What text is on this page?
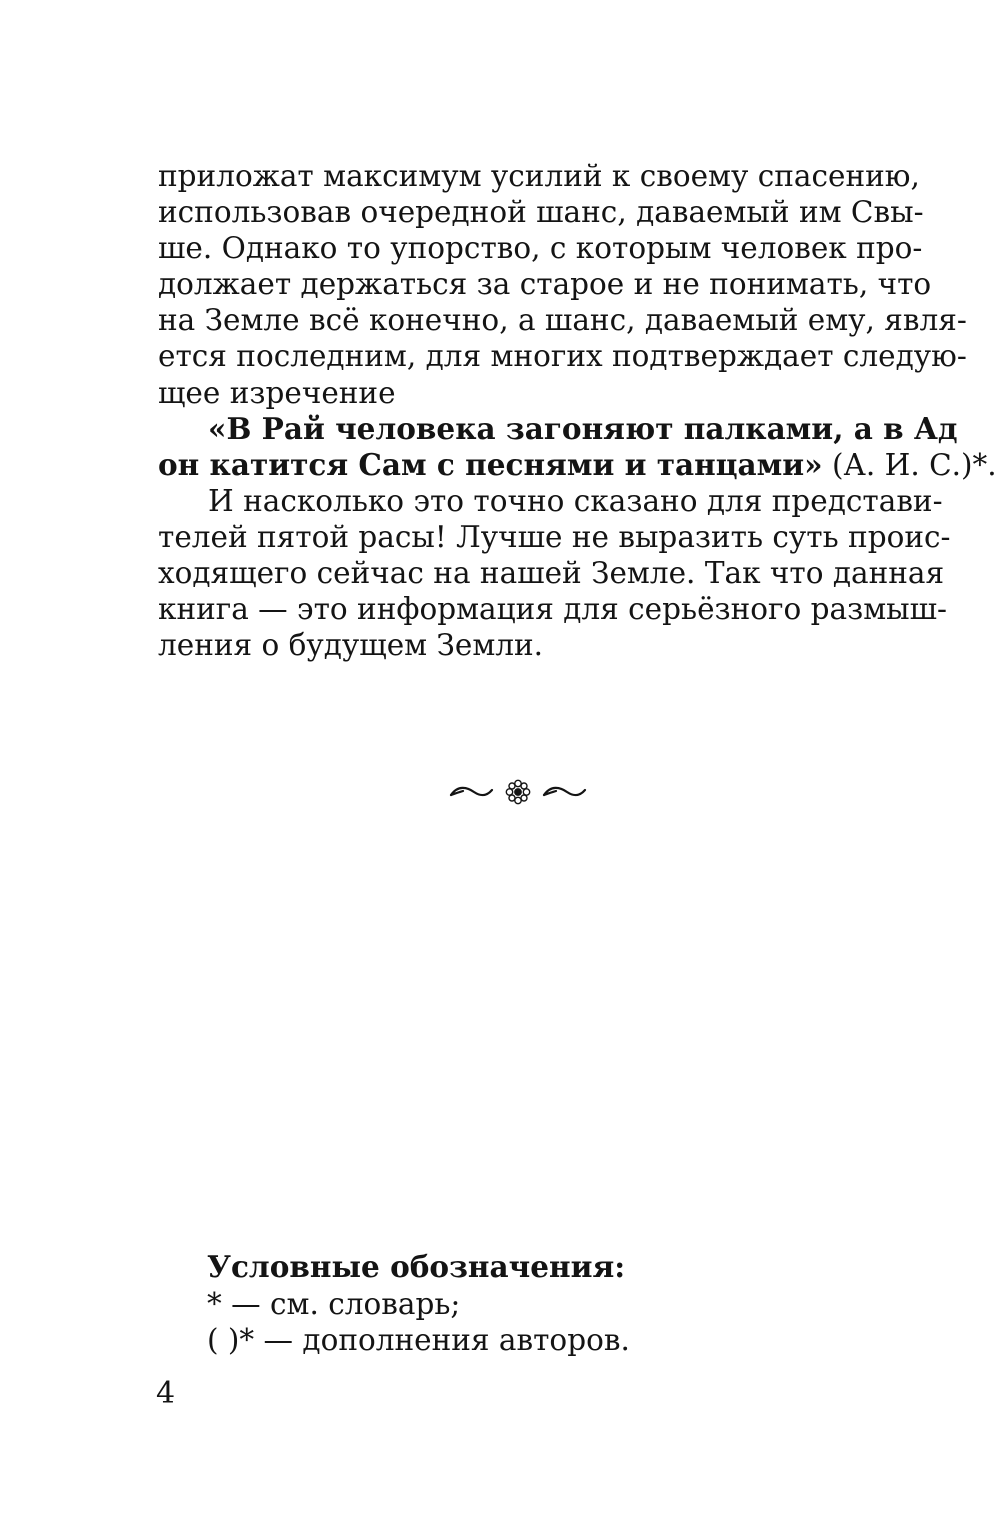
приложат максимум усилий к своему спасению,
использовав очередной шанс, даваемый им Свы-
ше. Однако то упорство, с которым человек про-
должает держаться за старое и не понимать, что
на Земле всё конечно, а шанс, даваемый ему, явля-
ется последним, для многих подтверждает следую-
щее изречение
«В Рай человека загоняют палками, а в Ад
он катится Сам с песнями и танцами» (А. И. С.)*.
И насколько это точно сказано для представи-
телей пятой расы! Лучше не выразить суть проис-
ходящего сейчас на нашей Земле. Так что данная
книга — это информация для серьёзного размыш-
ления о будущем Земли.
Условные обозначения:
* — см. словарь;
( )* — дополнения авторов.
4
